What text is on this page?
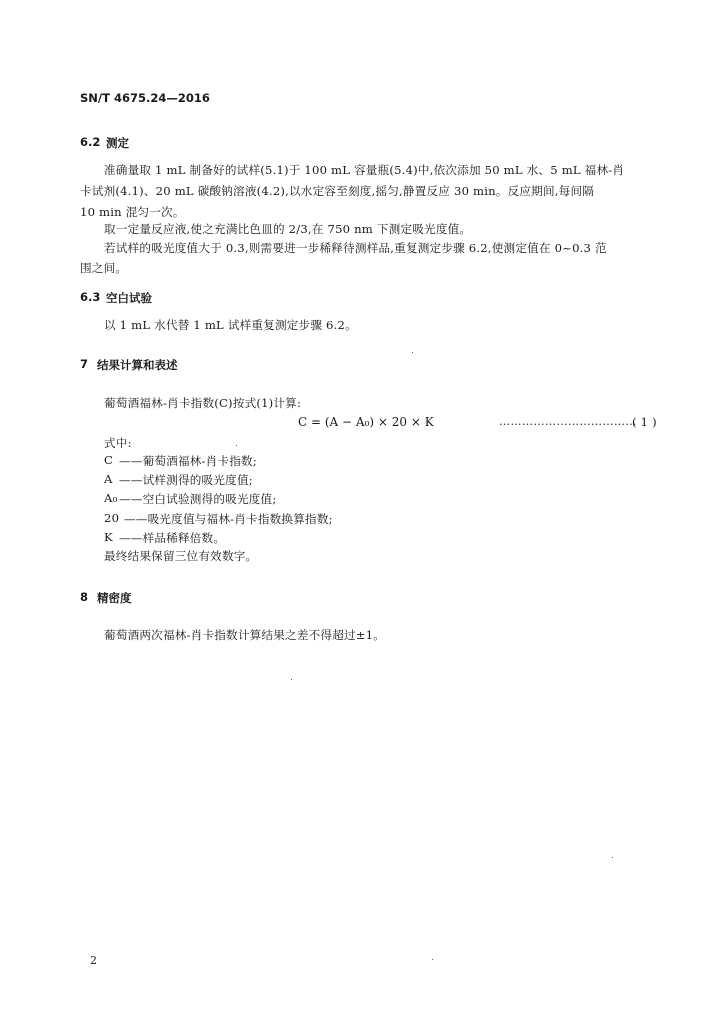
SN/T 4675.24—2016
6.2 测定
准确量取 1 mL 制备好的试样(5.1)于 100 mL 容量瓶(5.4)中,依次添加 50 mL 水、5 mL 福林-肖
卡试剂(4.1)、20 mL 碳酸钠溶液(4.2),以水定容至刻度,摇匀,静置反应 30 min。反应期间,每间隔
10 min 混匀一次。
取一定量反应液,使之充满比色皿的 2/3,在 750 nm 下测定吸光度值。
若试样的吸光度值大于 0.3,则需要进一步稀释待测样品,重复测定步骤 6.2,使测定值在 0~0.3 范
围之间。
6.3 空白试验
以 1 mL 水代替 1 mL 试样重复测定步骤 6.2。
7 结果计算和表述
葡萄酒福林-肖卡指数(C)按式(1)计算:
C = (A − A₀) × 20 × K	………………………………
( 1 )
式中:
C ——葡萄酒福林-肖卡指数;
A ——试样测得的吸光度值;
A₀ ——空白试验测得的吸光度值;
20 ——吸光度值与福林-肖卡指数换算指数;
K ——样品稀释倍数。
最终结果保留三位有效数字。
8 精密度
葡萄酒两次福林-肖卡指数计算结果之差不得超过±1。
2
